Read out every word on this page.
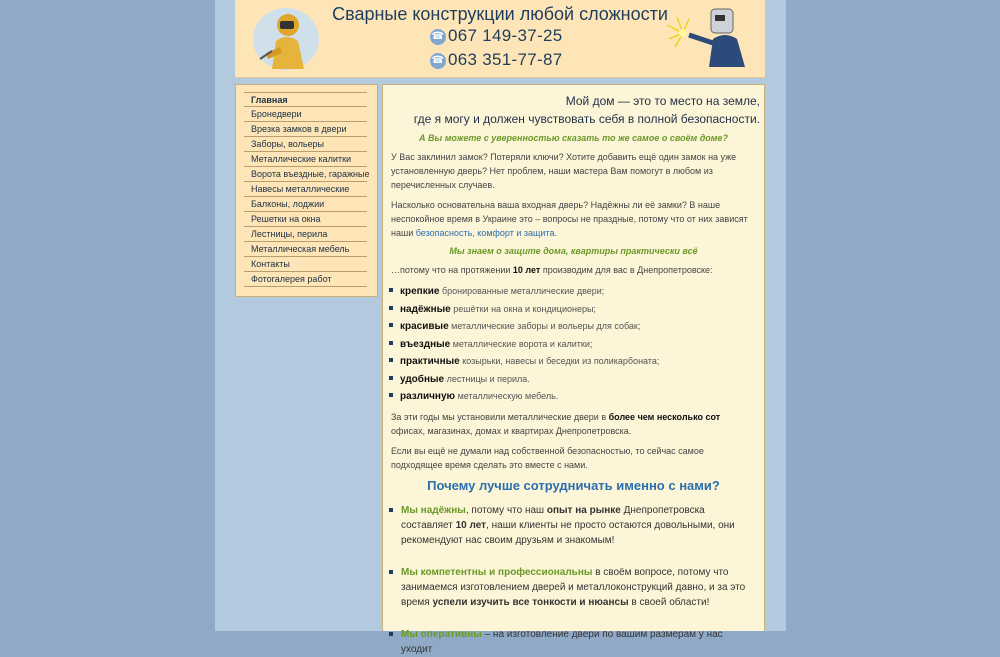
Сварные конструкции любой сложности
☎ 067 149-37-25
☎ 063 351-77-87
Главная
Бронедвери
Врезка замков в двери
Заборы, вольеры
Металлические калитки
Ворота въездные, гаражные
Навесы металлические
Балконы, лоджии
Решетки на окна
Лестницы, перила
Металлическая мебель
Контакты
Фотогалерея работ
Мой дом — это то место на земле,
где я могу и должен чувствовать себя в полной безопасности.
А Вы можете с уверенностью сказать то же самое о своём доме?

У Вас заклинил замок? Потеряли ключи? Хотите добавить ещё один замок на уже установленную дверь? Нет проблем, наши мастера Вам помогут в любом из перечисленных случаев.

Насколько основательна ваша входная дверь? Надёжны ли её замки? В наше неспокойное время в Украине это – вопросы не праздные, потому что от них зависят наши безопасность, комфорт и защита.

Мы знаем о защите дома, квартиры практически всё

…потому что на протяжении 10 лет производим для вас в Днепропетровске:

крепкие бронированные металлические двери;
надёжные решётки на окна и кондиционеры;
красивые металлические заборы и вольеры для собак;
въездные металлические ворота и калитки;
практичные козырьки, навесы и беседки из поликарбоната;
удобные лестницы и перила.
различную металлическую мебель.

За эти годы мы установили металлические двери в более чем несколько сот офисах, магазинах, домах и квартирах Днепропетровска.

Если вы ещё не думали над собственной безопасностью, то сейчас самое подходящее время сделать это вместе с нами.

Почему лучше сотрудничать именно с нами?
Мы надёжны, потому что наш опыт на рынке Днепропетровска составляет 10 лет, наши клиенты не просто остаются довольными, они рекомендуют нас своим друзьям и знакомым!
Мы компетентны и профессиональны в своём вопросе, потому что занимаемся изготовлением дверей и металлоконструкций давно, и за это время успели изучить все тонкости и нюансы в своей области!
Мы оперативны – на изготовление двери по вашим размерам у нас уходит
